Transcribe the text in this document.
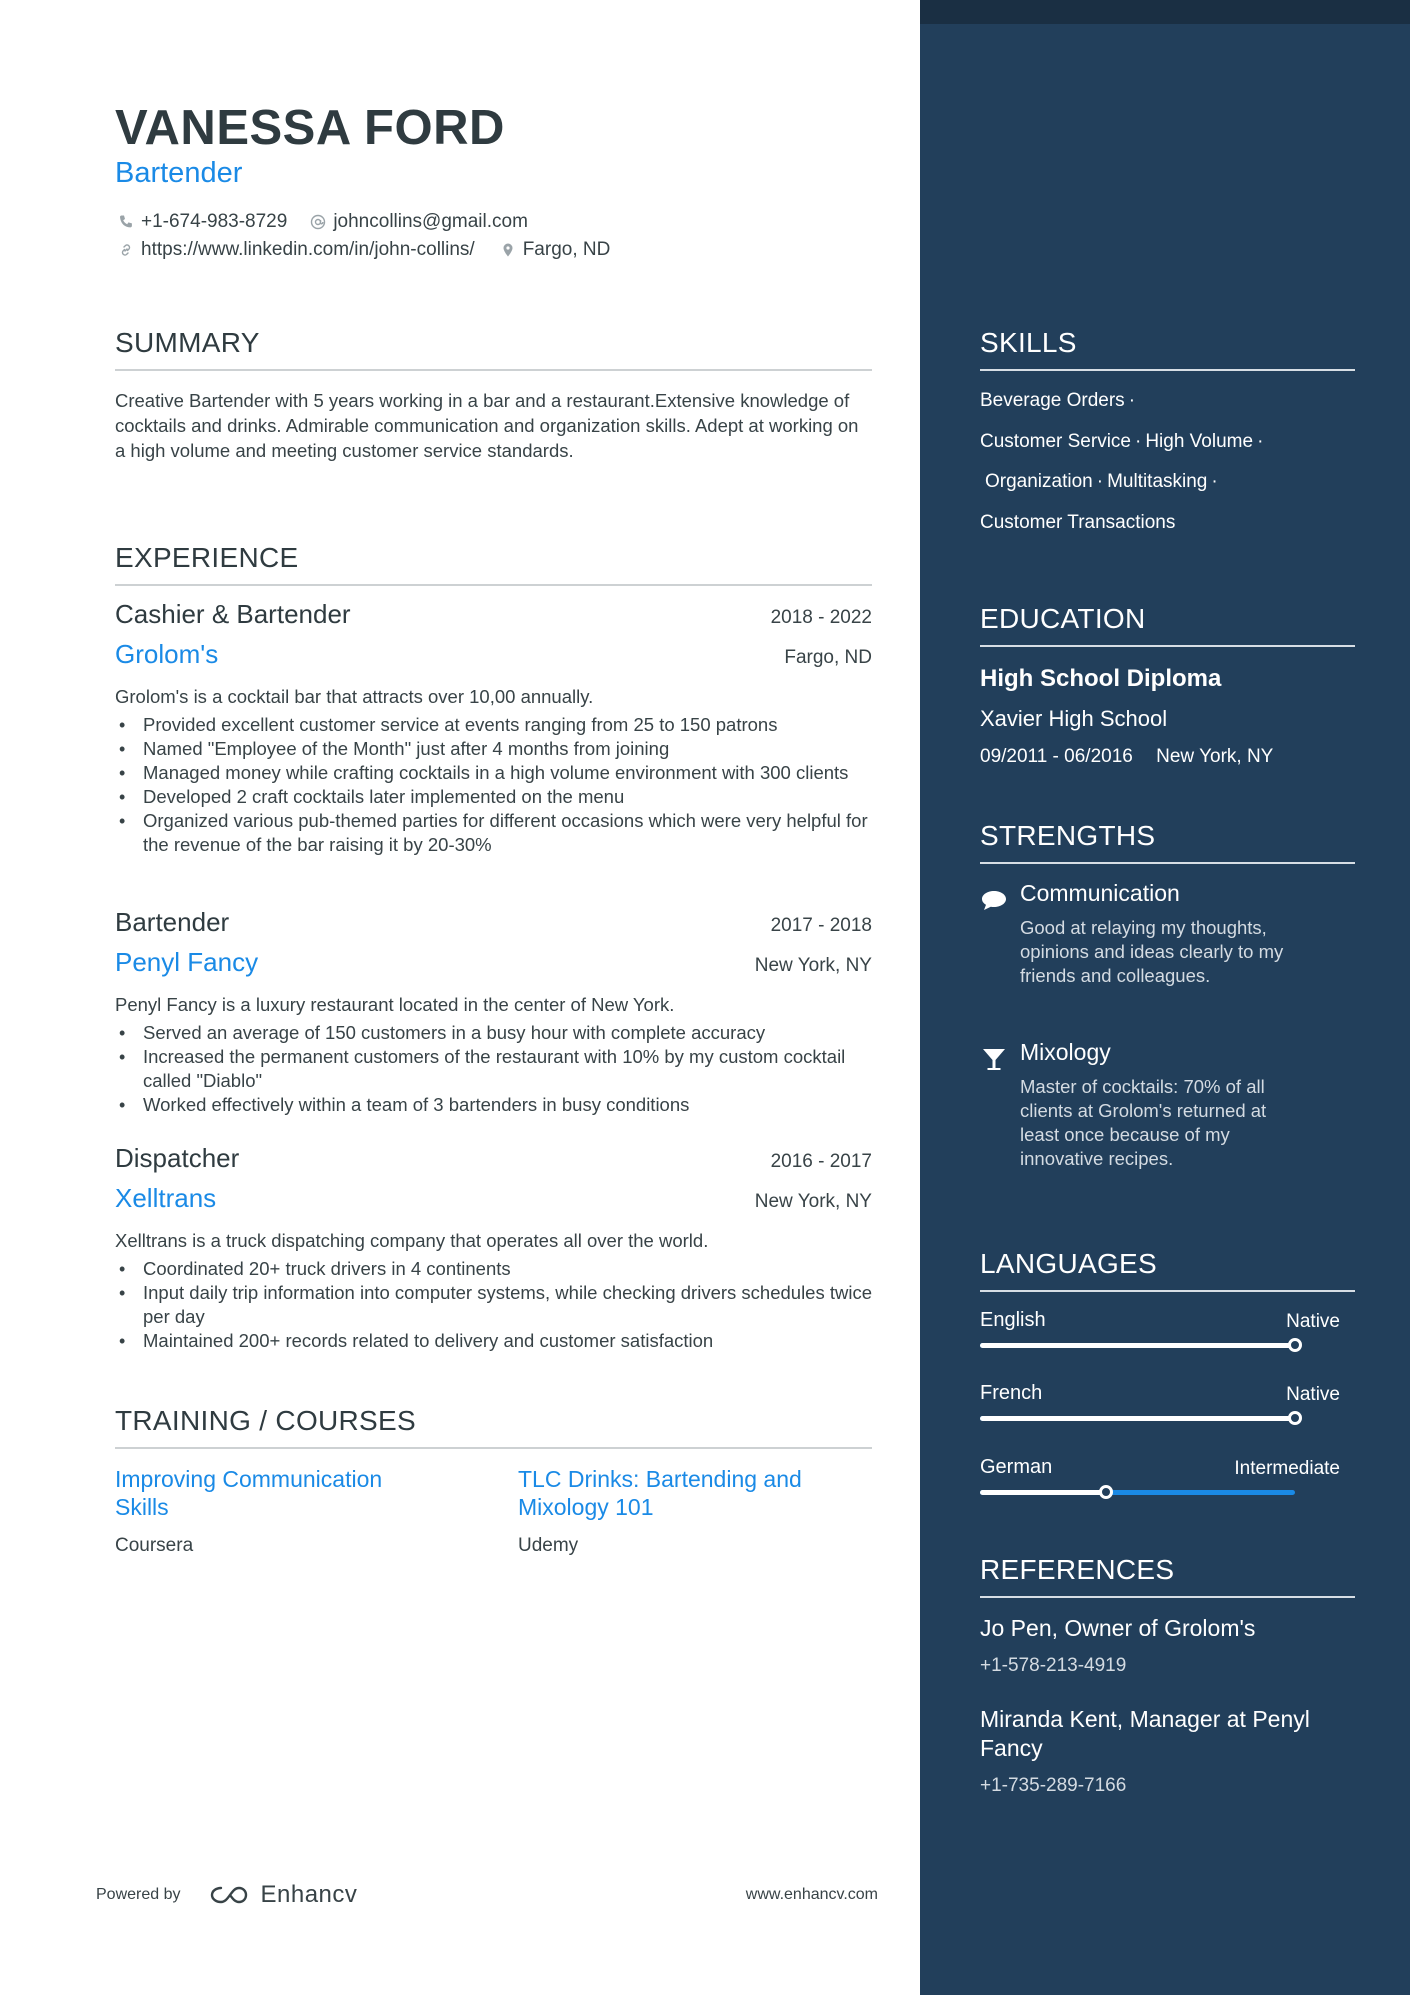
VANESSA FORD
Bartender
+1-674-983-8729 johncollins@gmail.com
https://www.linkedin.com/in/john-collins/	Fargo, ND
SUMMARY
Creative Bartender with 5 years working in a bar and a restaurant.Extensive knowledge of cocktails and drinks. Admirable communication and organization skills. Adept at working on a high volume and meeting customer service standards.
EXPERIENCE
Cashier & Bartender	2018 - 2022
Grolom's	Fargo, ND
Grolom's is a cocktail bar that attracts over 10,00 annually.
• Provided excellent customer service at events ranging from 25 to 150 patrons
• Named "Employee of the Month" just after 4 months from joining
• Managed money while crafting cocktails in a high volume environment with 300 clients
• Developed 2 craft cocktails later implemented on the menu
• Organized various pub-themed parties for different occasions which were very helpful for the revenue of the bar raising it by 20-30%
Bartender	2017 - 2018
Penyl Fancy	New York, NY
Penyl Fancy is a luxury restaurant located in the center of New York.
• Served an average of 150 customers in a busy hour with complete accuracy
• Increased the permanent customers of the restaurant with 10% by my custom cocktail called "Diablo"
• Worked effectively within a team of 3 bartenders in busy conditions
Dispatcher	2016 - 2017
Xelltrans	New York, NY
Xelltrans is a truck dispatching company that operates all over the world.
• Coordinated 20+ truck drivers in 4 continents
• Input daily trip information into computer systems, while checking drivers schedules twice per day
• Maintained 200+ records related to delivery and customer satisfaction
TRAINING / COURSES
Improving Communication Skills
Coursera
TLC Drinks: Bartending and Mixology 101
Udemy
Powered by	Enhancv	www.enhancv.com
SKILLS
Beverage Orders ·
Customer Service · High Volume ·
Organization · Multitasking ·
Customer Transactions
EDUCATION
High School Diploma
Xavier High School
09/2011 - 06/2016 New York, NY
STRENGTHS
Communication
Good at relaying my thoughts, opinions and ideas clearly to my friends and colleagues.
Mixology
Master of cocktails: 70% of all clients at Grolom's returned at least once because of my innovative recipes.
LANGUAGES
English	Native
French	Native
German	Intermediate
REFERENCES
Jo Pen, Owner of Grolom's
+1-578-213-4919
Miranda Kent, Manager at Penyl Fancy
+1-735-289-7166
